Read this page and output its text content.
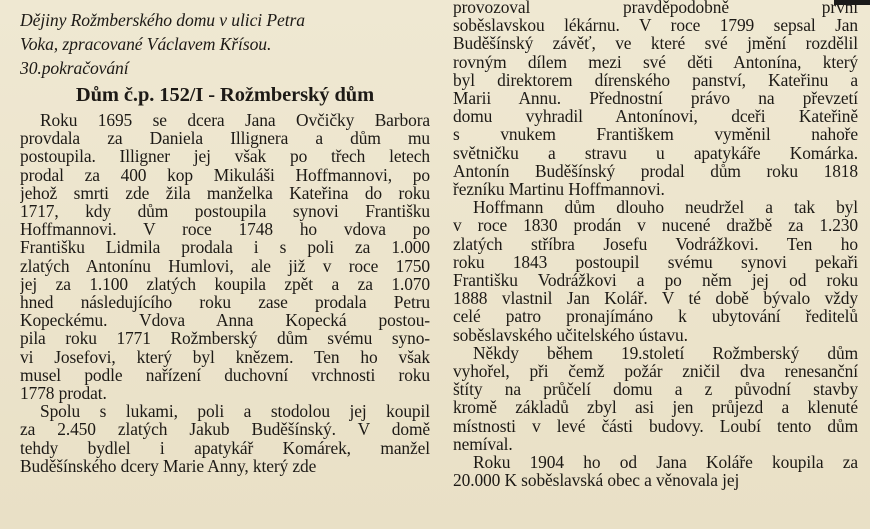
Dějiny Rožmberského domu v ulici Petra
Voka, zpracované Václavem Křísou.
30.pokračování
Dům č.p. 152/I - Rožmberský dům

Roku 1695 se dcera Jana Ovčičky Barbora
provdala za Daniela Illignera a dům mu
postoupila. Illigner jej však po třech letech
prodal za 400 kop Mikuláši Hoffmannovi, po
jehož smrti zde žila manželka Kateřina do roku
1717, kdy dům postoupila synovi Františku
Hoffmannovi. V roce 1748 ho vdova po
Františku Lidmila prodala i s poli za 1.000
zlatých Antonínu Humlovi, ale již v roce 1750
jej za 1.100 zlatých koupila zpět a za 1.070
hned následujícího roku zase prodala Petru
Kopeckému. Vdova Anna Kopecká postou-
pila roku 1771 Rožmberský dům svému syno-
vi Josefovi, který byl knězem. Ten ho však
musel podle nařízení duchovní vrchnosti roku
1778 prodat.

Spolu s lukami, poli a stodolou jej koupil
za 2.450 zlatých Jakub Buděšínský. V domě
tehdy bydlel i apatykář Komárek, manžel
Buděšínského dcery Marie Anny, který zde

provozoval pravděpodobně první
soběslavskou lékárnu. V roce 1799 sepsal Jan
Buděšínský závěť, ve které své jmění rozdělil
rovným dílem mezi své děti Antonína, který
byl direktorem dírenského panství, Kateřinu a
Marii Annu. Přednostní právo na převzetí
domu vyhradil Antonínovi, dceři Kateřině
s vnukem Františkem vyměnil nahoře
světničku a stravu u apatykáře Komárka.
Antonín Buděšínský prodal dům roku 1818
řezníku Martinu Hoffmannovi.

Hoffmann dům dlouho neudržel a tak byl
v roce 1830 prodán v nucené dražbě za 1.230
zlatých stříbra Josefu Vodrážkovi. Ten ho
roku 1843 postoupil svému synovi pekaři
Františku Vodrážkovi a po něm jej od roku
1888 vlastnil Jan Kolář. V té době bývalo vždy
celé patro pronajímáno k ubytování ředitelů
soběslavského učitelského ústavu.

Někdy během 19.století Rožmberský dům
vyhořel, při čemž požár zničil dva renesanční
štíty na průčelí domu a z původní stavby
kromě základů zbyl asi jen průjezd a klenuté
místnosti v levé části budovy. Loubí tento dům
nemíval.

Roku 1904 ho od Jana Koláře koupila za
20.000 K soběslavská obec a věnovala jej
